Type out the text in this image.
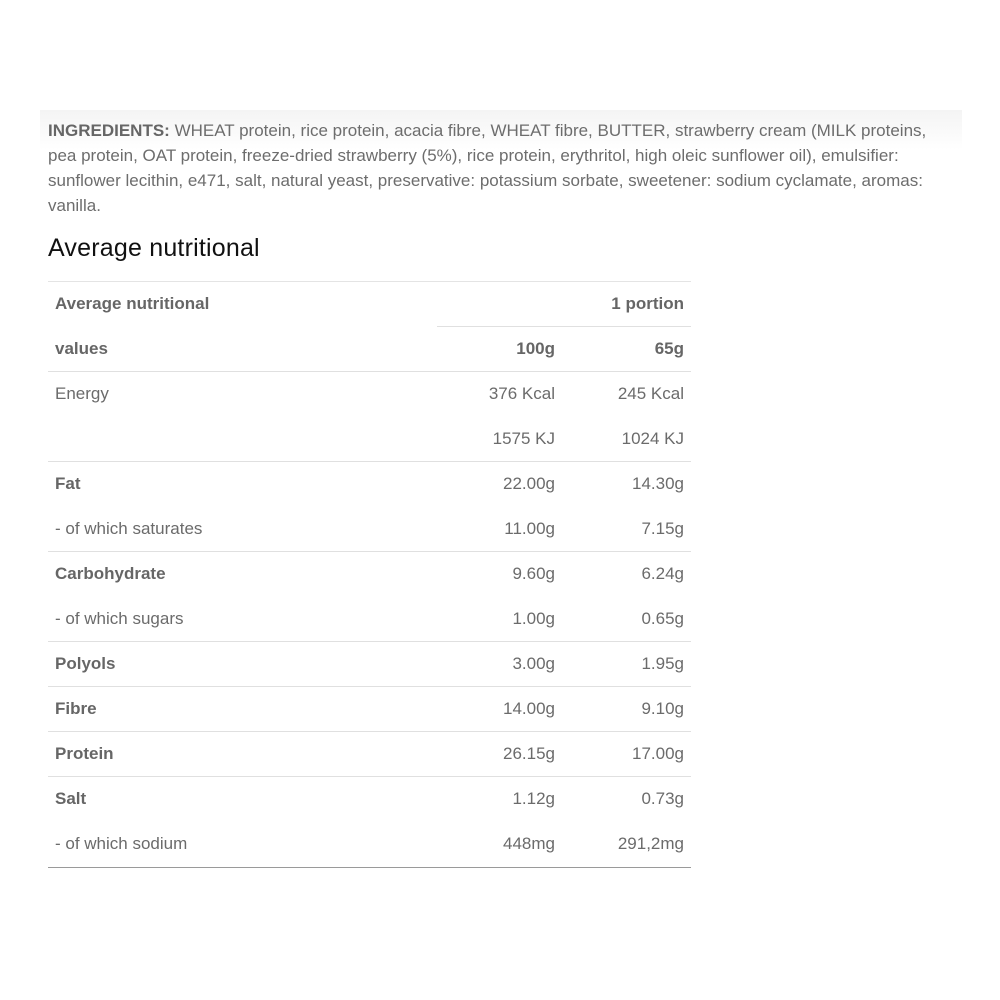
INGREDIENTS: WHEAT protein, rice protein, acacia fibre, WHEAT fibre, BUTTER, strawberry cream (MILK proteins, pea protein, OAT protein, freeze-dried strawberry (5%), rice protein, erythritol, high oleic sunflower oil), emulsifier: sunflower lecithin, e471, salt, natural yeast, preservative: potassium sorbate, sweetener: sodium cyclamate, aromas: vanilla.
Average nutritional
Average nutritional		1 portion
values	100g	65g
Energy	376 Kcal	245 Kcal
	1575 KJ	1024 KJ
Fat	22.00g	14.30g
- of which saturates	11.00g	7.15g
Carbohydrate	9.60g	6.24g
- of which sugars	1.00g	0.65g
Polyols	3.00g	1.95g
Fibre	14.00g	9.10g
Protein	26.15g	17.00g
Salt	1.12g	0.73g
- of which sodium	448mg	291,2mg
